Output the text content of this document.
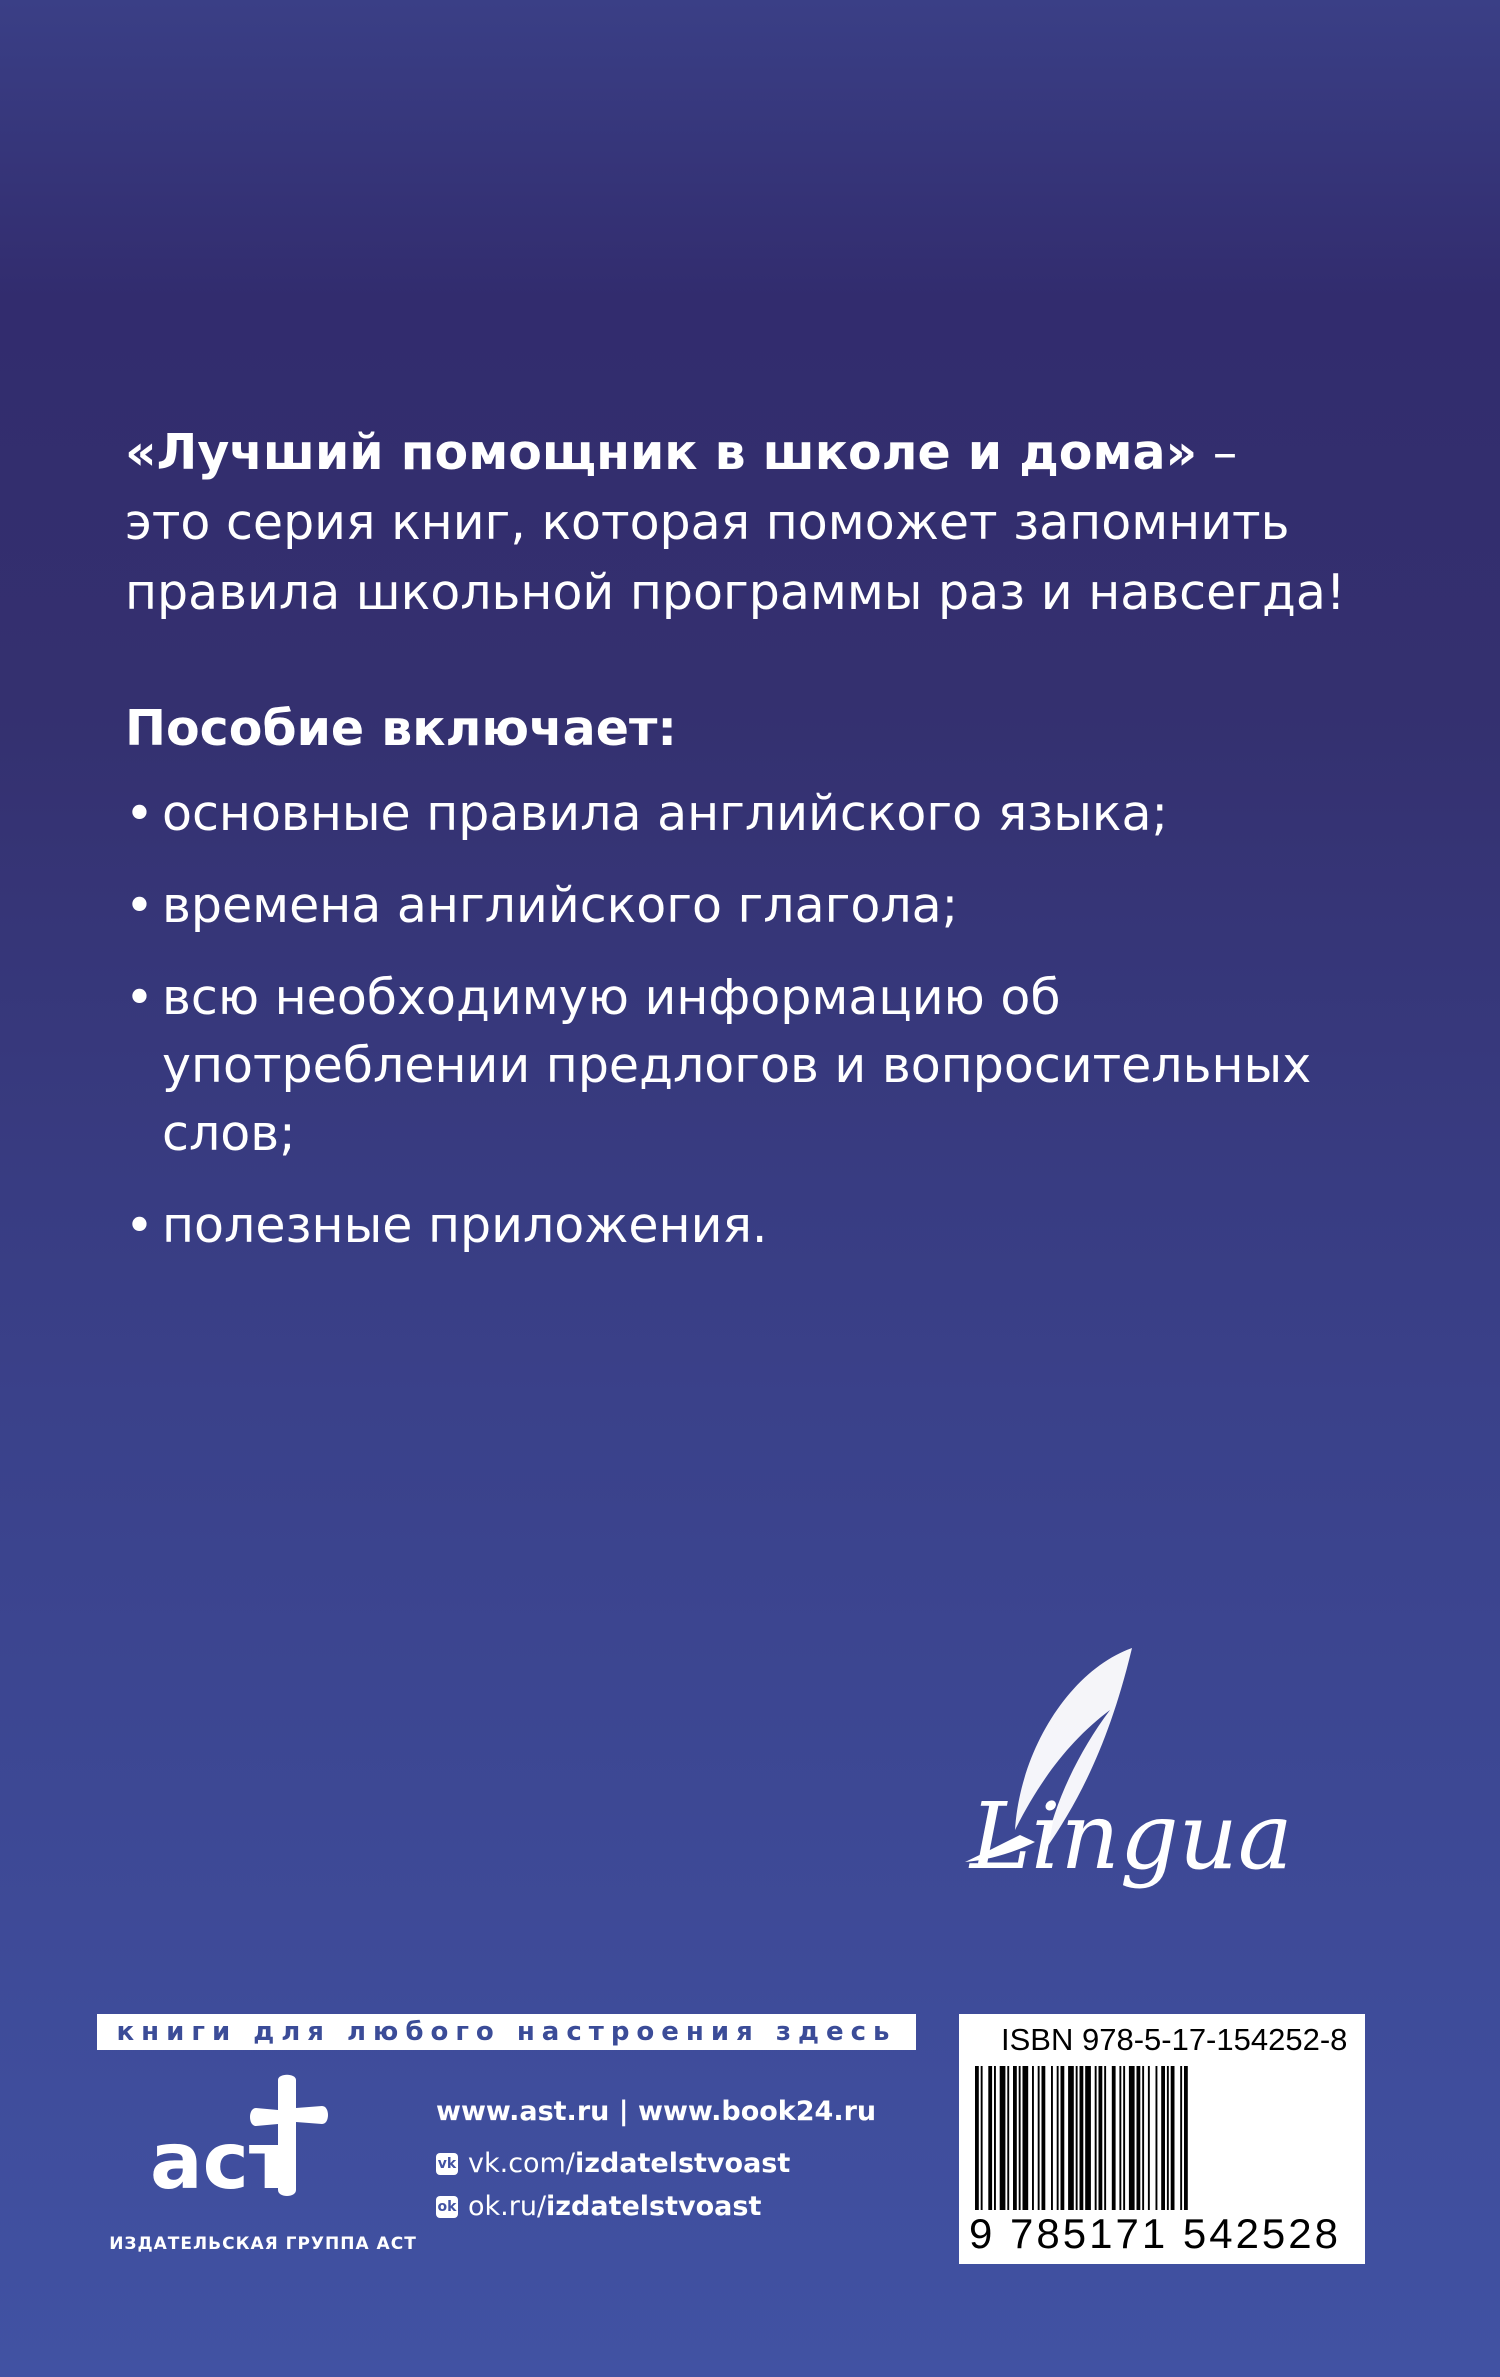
«Лучший помощник в школе и дома» –
это серия книг, которая поможет запомнить
правила школьной программы раз и навсегда!
Пособие включает:
• основные правила английского языка;
• времена английского глагола;
• всю необходимую информацию об употреблении предлогов и вопросительных слов;
• полезные приложения.
Lingua
книги для любого настроения здесь
аст
ИЗДАТЕЛЬСКАЯ ГРУППА АСТ
www.ast.ru | www.book24.ru
vk vk.com/ izdatelstvoast
ok ok.ru/ izdatelstvoast
ISBN 978-5-17-154252-8
9 785171 542528
